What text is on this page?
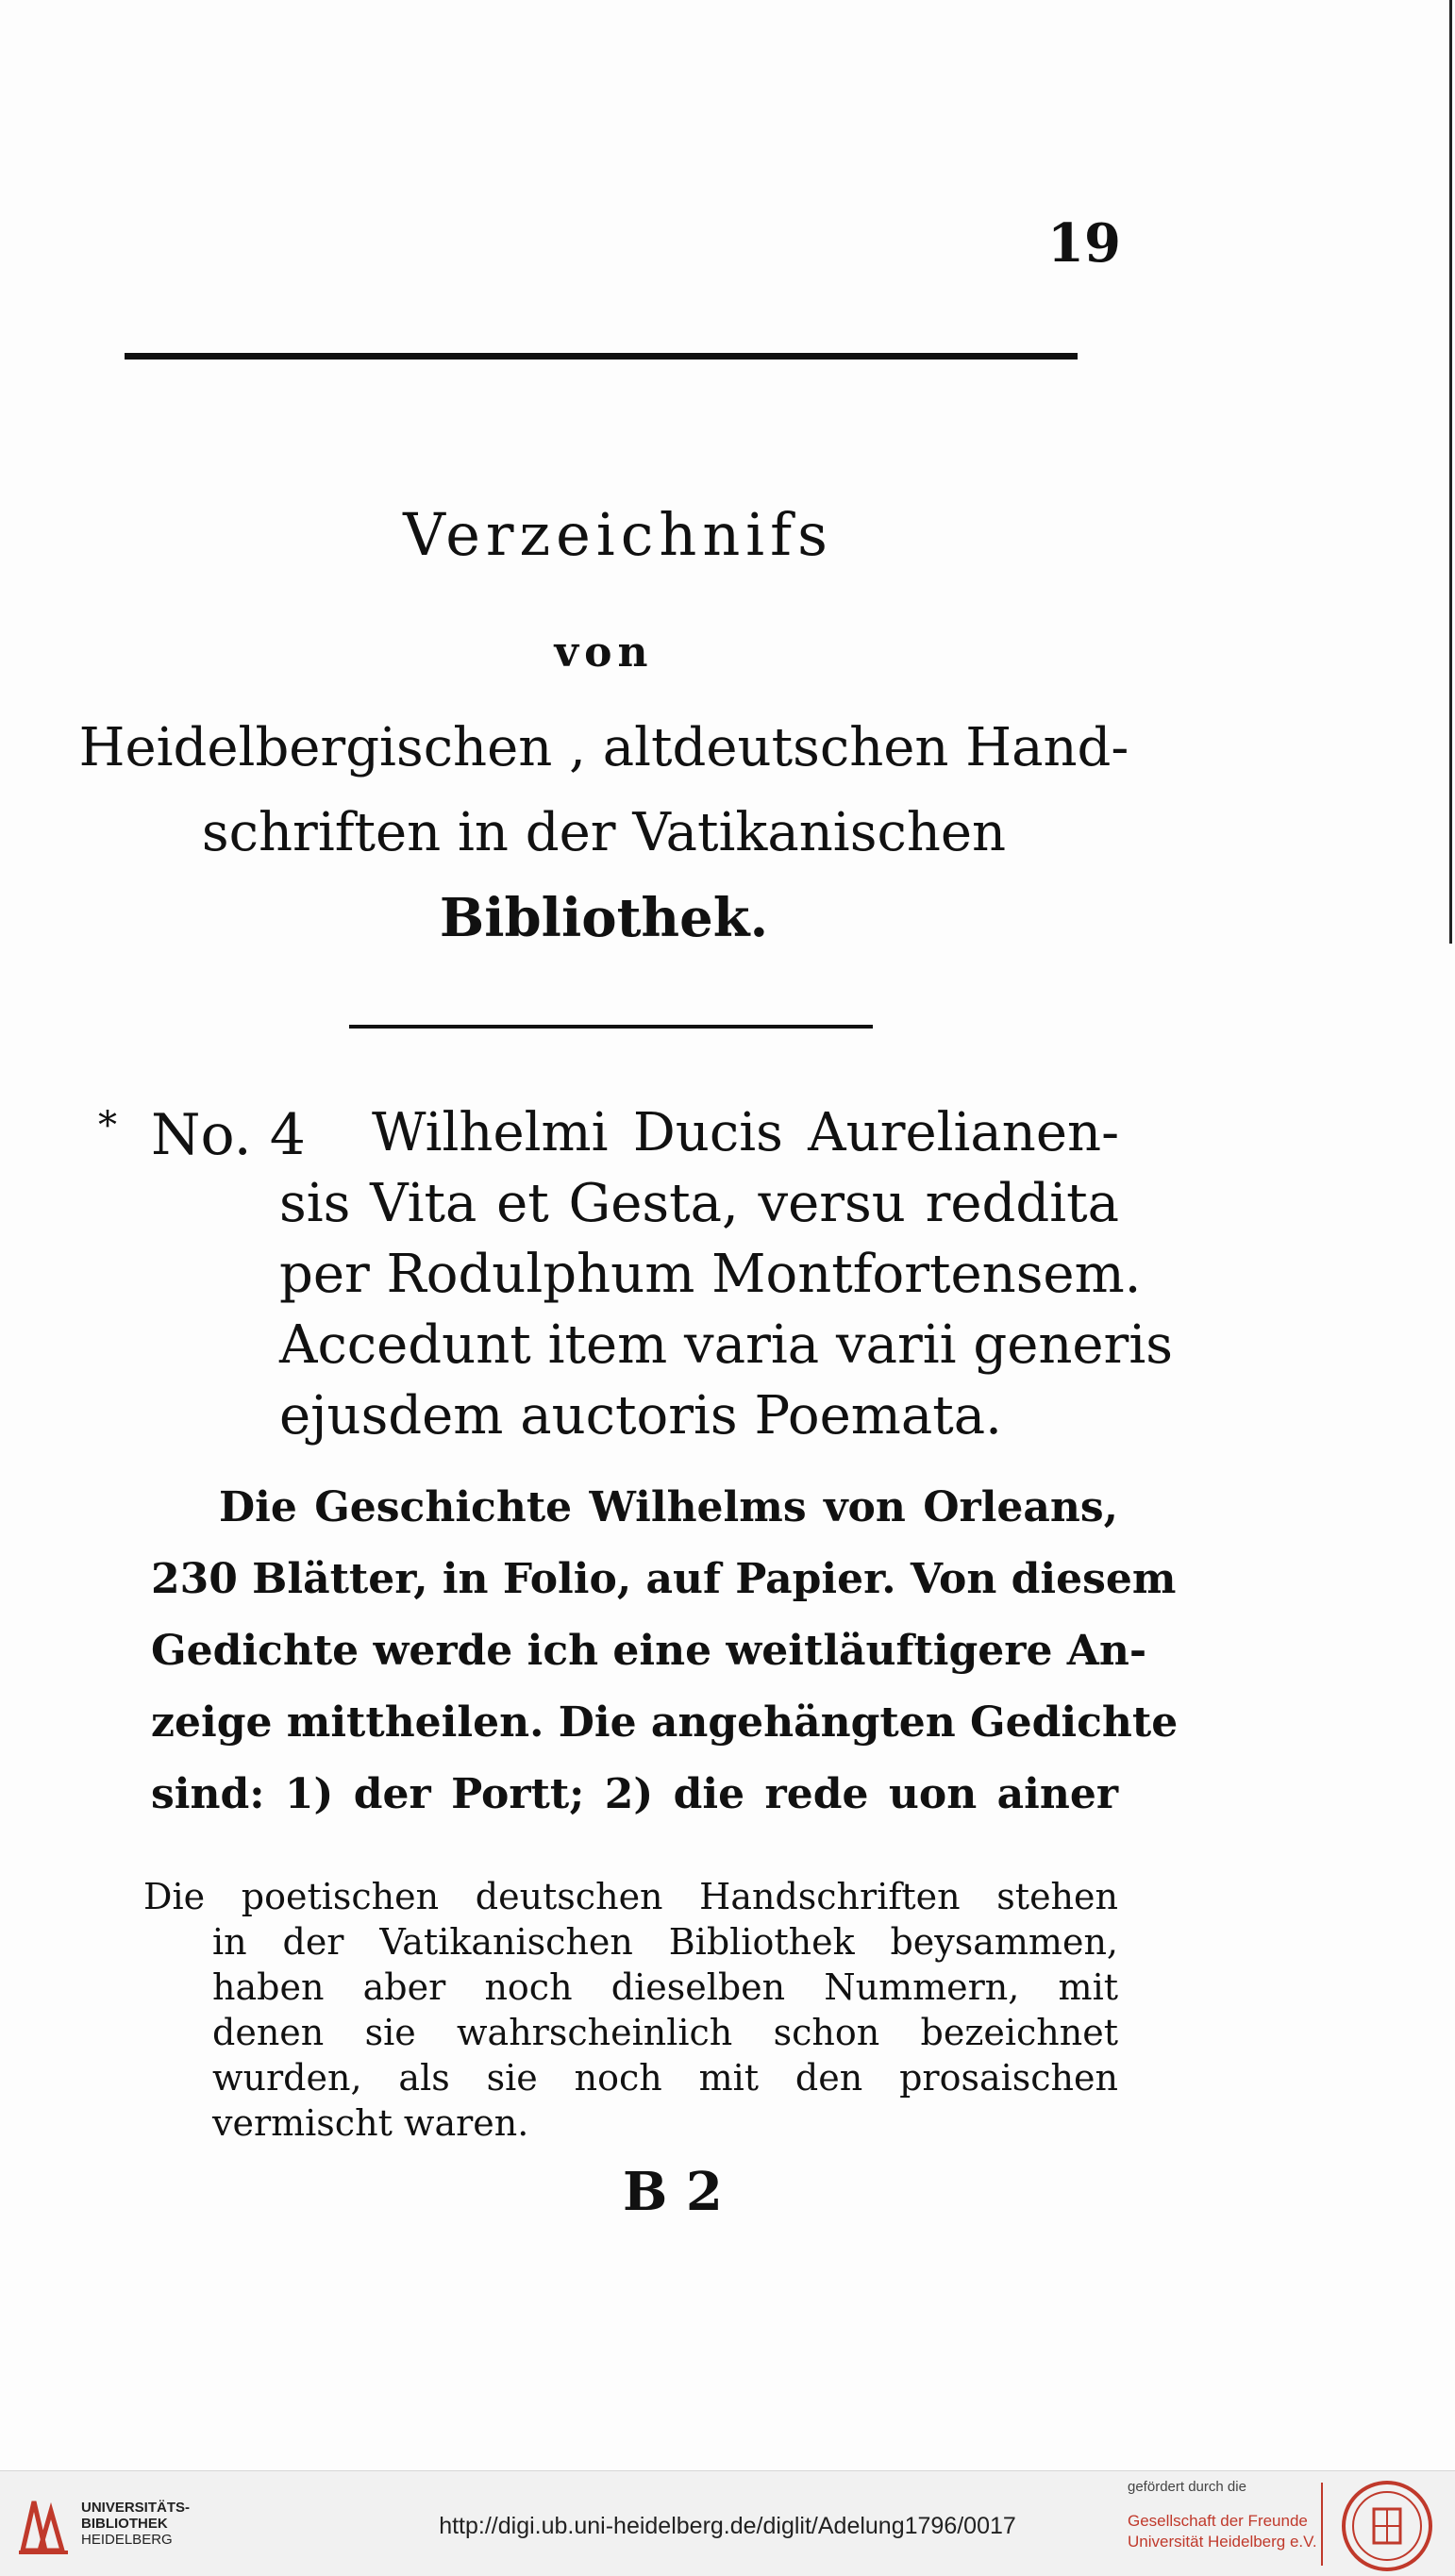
19
Verzeichnifs
von
Heidelbergischen , altdeutschen Hand-
schriften in der Vatikanischen
Bibliothek.
* No. 4 Wilhelmi Ducis Aurelianen-
sis Vita et Gesta, versu reddita
per Rodulphum Montfortensem.
Accedunt item varia varii generis
ejusdem auctoris Poemata.
Die Geschichte Wilhelms von Orleans,
230 Blätter, in Folio, auf Papier. Von diesem
Gedichte werde ich eine weitläuftigere An-
zeige mittheilen. Die angehängten Gedichte
sind: 1) der Portt; 2) die rede uon ainer
Die poetischen deutschen Handschriften stehen
in der Vatikanischen Bibliothek beysammen,
haben aber noch dieselben Nummern, mit
denen sie wahrscheinlich schon bezeichnet
wurden, als sie noch mit den prosaischen
vermischt waren.
B 2
UNIVERSITÄTS-
BIBLIOTHEK
HEIDELBERG
http://digi.ub.uni-heidelberg.de/diglit/Adelung1796/0017
gefördert durch die
Gesellschaft der Freunde
Universität Heidelberg e.V.
